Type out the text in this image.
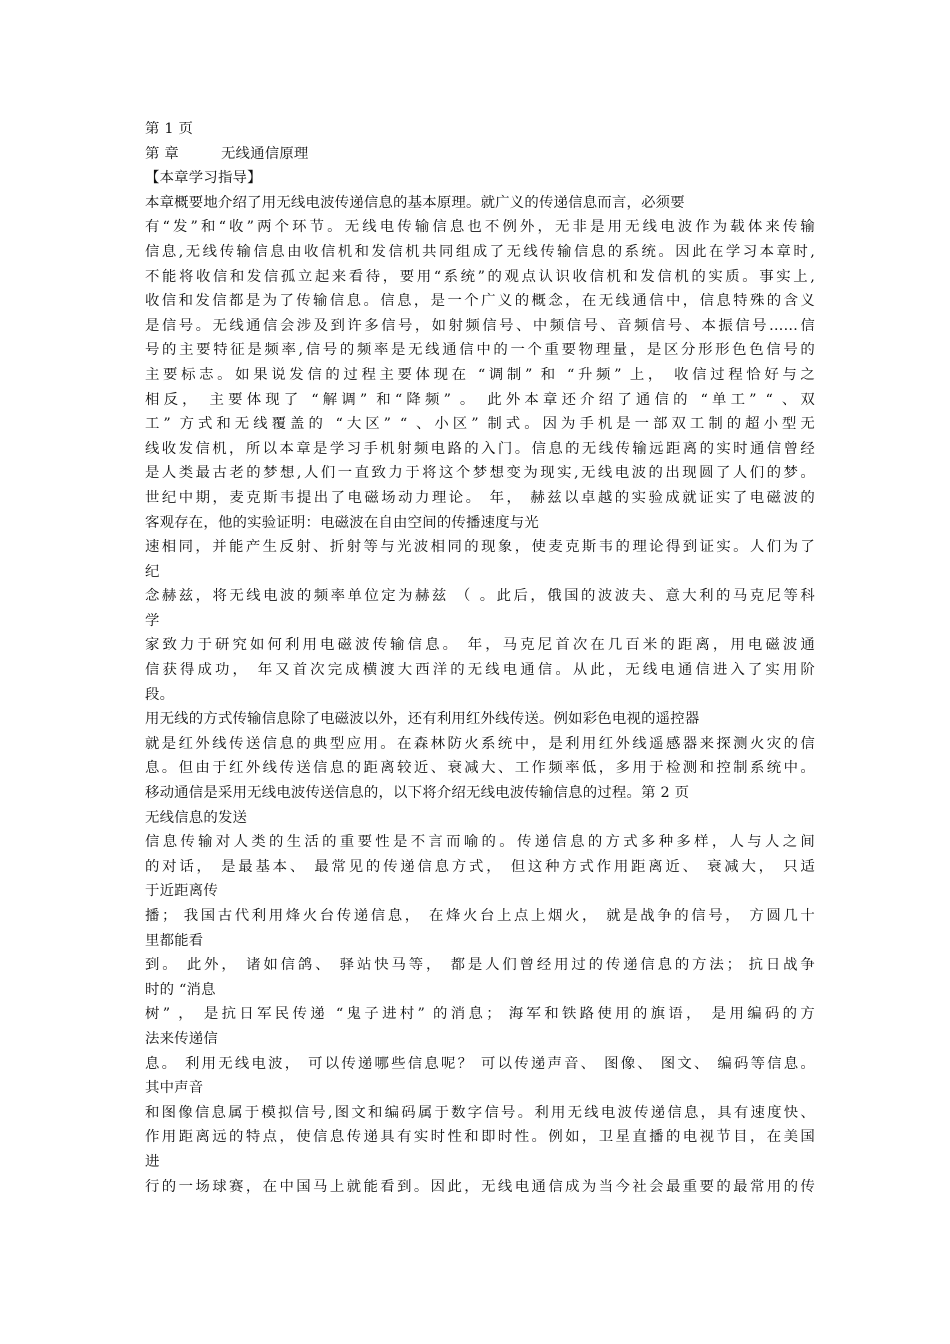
第 1 页
第 章	无线通信原理
【本章学习指导】
本章概要地介绍了用无线电波传递信息的基本原理。就广义的传递信息而言，必须要
有“发”和“收”两个环节。无线电传输信息也不例外，无非是用无线电波作为载体来传输
信息,无线传输信息由收信机和发信机共同组成了无线传输信息的系统。因此在学习本章时,
不能将收信和发信孤立起来看待，要用“系统”的观点认识收信机和发信机的实质。事实上,
收信和发信都是为了传输信息。信息，是一个广义的概念，在无线通信中，信息特殊的含义
是信号。无线通信会涉及到许多信号，如射频信号、中频信号、音频信号、本振信号……信
号的主要特征是频率,信号的频率是无线通信中的一个重要物理量，是区分形形色色信号的
主要标志。如果说发信的过程主要体现在 “调制” 和 “升频” 上， 收信过程恰好与之
相反， 主要体现了 “解调” 和“降频” 。 此外本章还介绍了通信的 “单工” “ 、双
工” 方式和无线覆盖的 “大区” “ 、小区” 制式。因为手机是一部双工制的超小型无
线收发信机，所以本章是学习手机射频电路的入门。信息的无线传输远距离的实时通信曾经
是人类最古老的梦想,人们一直致力于将这个梦想变为现实,无线电波的出现圆了人们的梦。
世纪中期，麦克斯韦提出了电磁场动力理论。 年， 赫兹以卓越的实验成就证实了电磁波的
客观存在，他的实验证明：电磁波在自由空间的传播速度与光
速相同，并能产生反射、折射等与光波相同的现象，使麦克斯韦的理论得到证实。人们为了
纪
念赫兹，将无线电波的频率单位定为赫兹 （ 。此后，俄国的波波夫、意大利的马克尼等科
学
家致力于研究如何利用电磁波传输信息。 年，马克尼首次在几百米的距离，用电磁波通
信获得成功， 年又首次完成横渡大西洋的无线电通信。从此，无线电通信进入了实用阶
段。
用无线的方式传输信息除了电磁波以外，还有利用红外线传送。例如彩色电视的遥控器
就是红外线传送信息的典型应用。在森林防火系统中，是利用红外线遥感器来探测火灾的信
息。但由于红外线传送信息的距离较近、衰减大、工作频率低，多用于检测和控制系统中。
移动通信是采用无线电波传送信息的，以下将介绍无线电波传输信息的过程。第 2 页
无线信息的发送
信息传输对人类的生活的重要性是不言而喻的。传递信息的方式多种多样，人与人之间
的对话， 是最基本、 最常见的传递信息方式， 但这种方式作用距离近、 衰减大， 只适
于近距离传
播； 我国古代利用烽火台传递信息， 在烽火台上点上烟火， 就是战争的信号， 方圆几十
里都能看
到。 此外， 诸如信鸽、 驿站快马等， 都是人们曾经用过的传递信息的方法； 抗日战争
时的 “消息
树” ， 是抗日军民传递 “鬼子进村” 的消息； 海军和铁路使用的旗语， 是用编码的方
法来传递信
息。 利用无线电波， 可以传递哪些信息呢？ 可以传递声音、 图像、 图文、 编码等信息。
其中声音
和图像信息属于模拟信号,图文和编码属于数字信号。利用无线电波传递信息，具有速度快、
作用距离远的特点，使信息传递具有实时性和即时性。例如，卫星直播的电视节目，在美国
进
行的一场球赛，在中国马上就能看到。因此，无线电通信成为当今社会最重要的最常用的传
